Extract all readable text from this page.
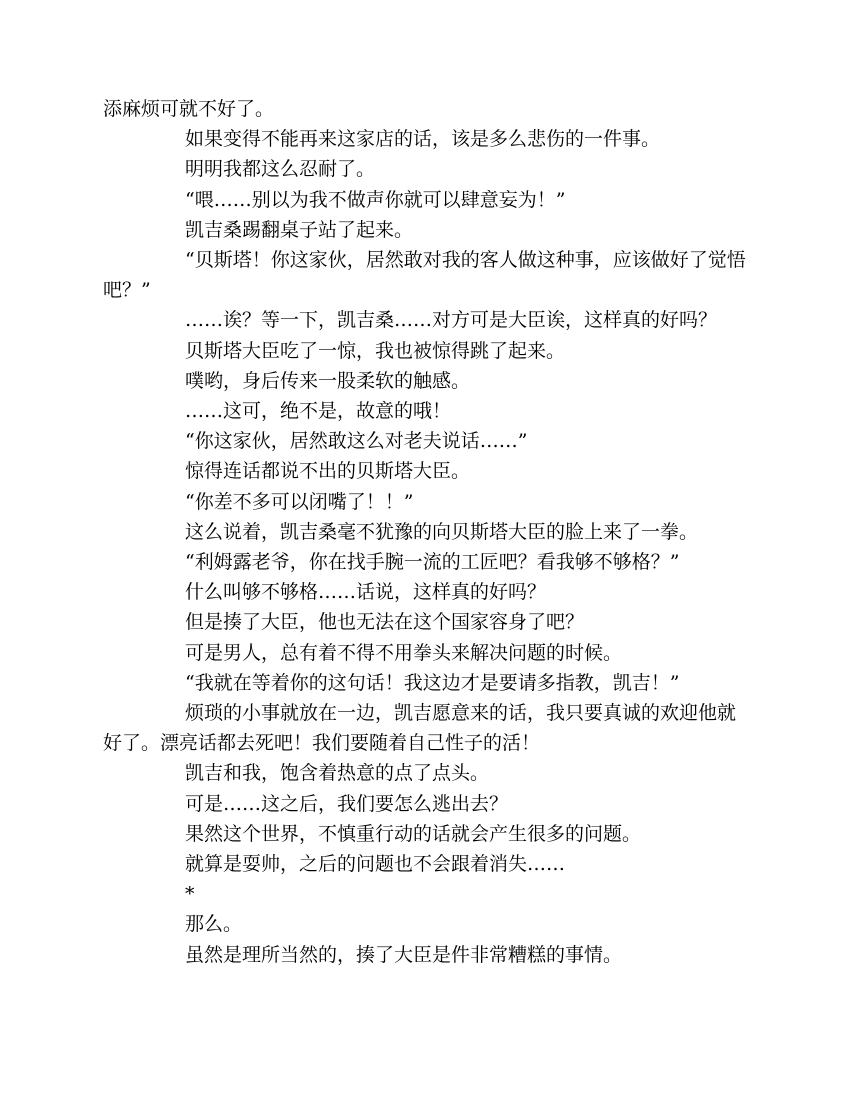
添麻烦可就不好了。

如果变得不能再来这家店的话，该是多么悲伤的一件事。

明明我都这么忍耐了。

“喂……别以为我不做声你就可以肆意妄为！”

凯吉桑踢翻桌子站了起来。

“贝斯塔！你这家伙，居然敢对我的客人做这种事，应该做好了觉悟吧？”

……诶？等一下，凯吉桑……对方可是大臣诶，这样真的好吗？

贝斯塔大臣吃了一惊，我也被惊得跳了起来。

噗哟，身后传来一股柔软的触感。

……这可，绝不是，故意的哦！

“你这家伙，居然敢这么对老夫说话……”

惊得连话都说不出的贝斯塔大臣。

“你差不多可以闭嘴了！！”

这么说着，凯吉桑毫不犹豫的向贝斯塔大臣的脸上来了一拳。

“利姆露老爷，你在找手腕一流的工匠吧？看我够不够格？”

什么叫够不够格……话说，这样真的好吗？

但是揍了大臣，他也无法在这个国家容身了吧？

可是男人，总有着不得不用拳头来解决问题的时候。

“我就在等着你的这句话！我这边才是要请多指教，凯吉！”

烦琐的小事就放在一边，凯吉愿意来的话，我只要真诚的欢迎他就好了。漂亮话都去死吧！我们要随着自己性子的活！

凯吉和我，饱含着热意的点了点头。

可是……这之后，我们要怎么逃出去？

果然这个世界，不慎重行动的话就会产生很多的问题。

就算是耍帅，之后的问题也不会跟着消失……

*

那么。

虽然是理所当然的，揍了大臣是件非常糟糕的事情。
